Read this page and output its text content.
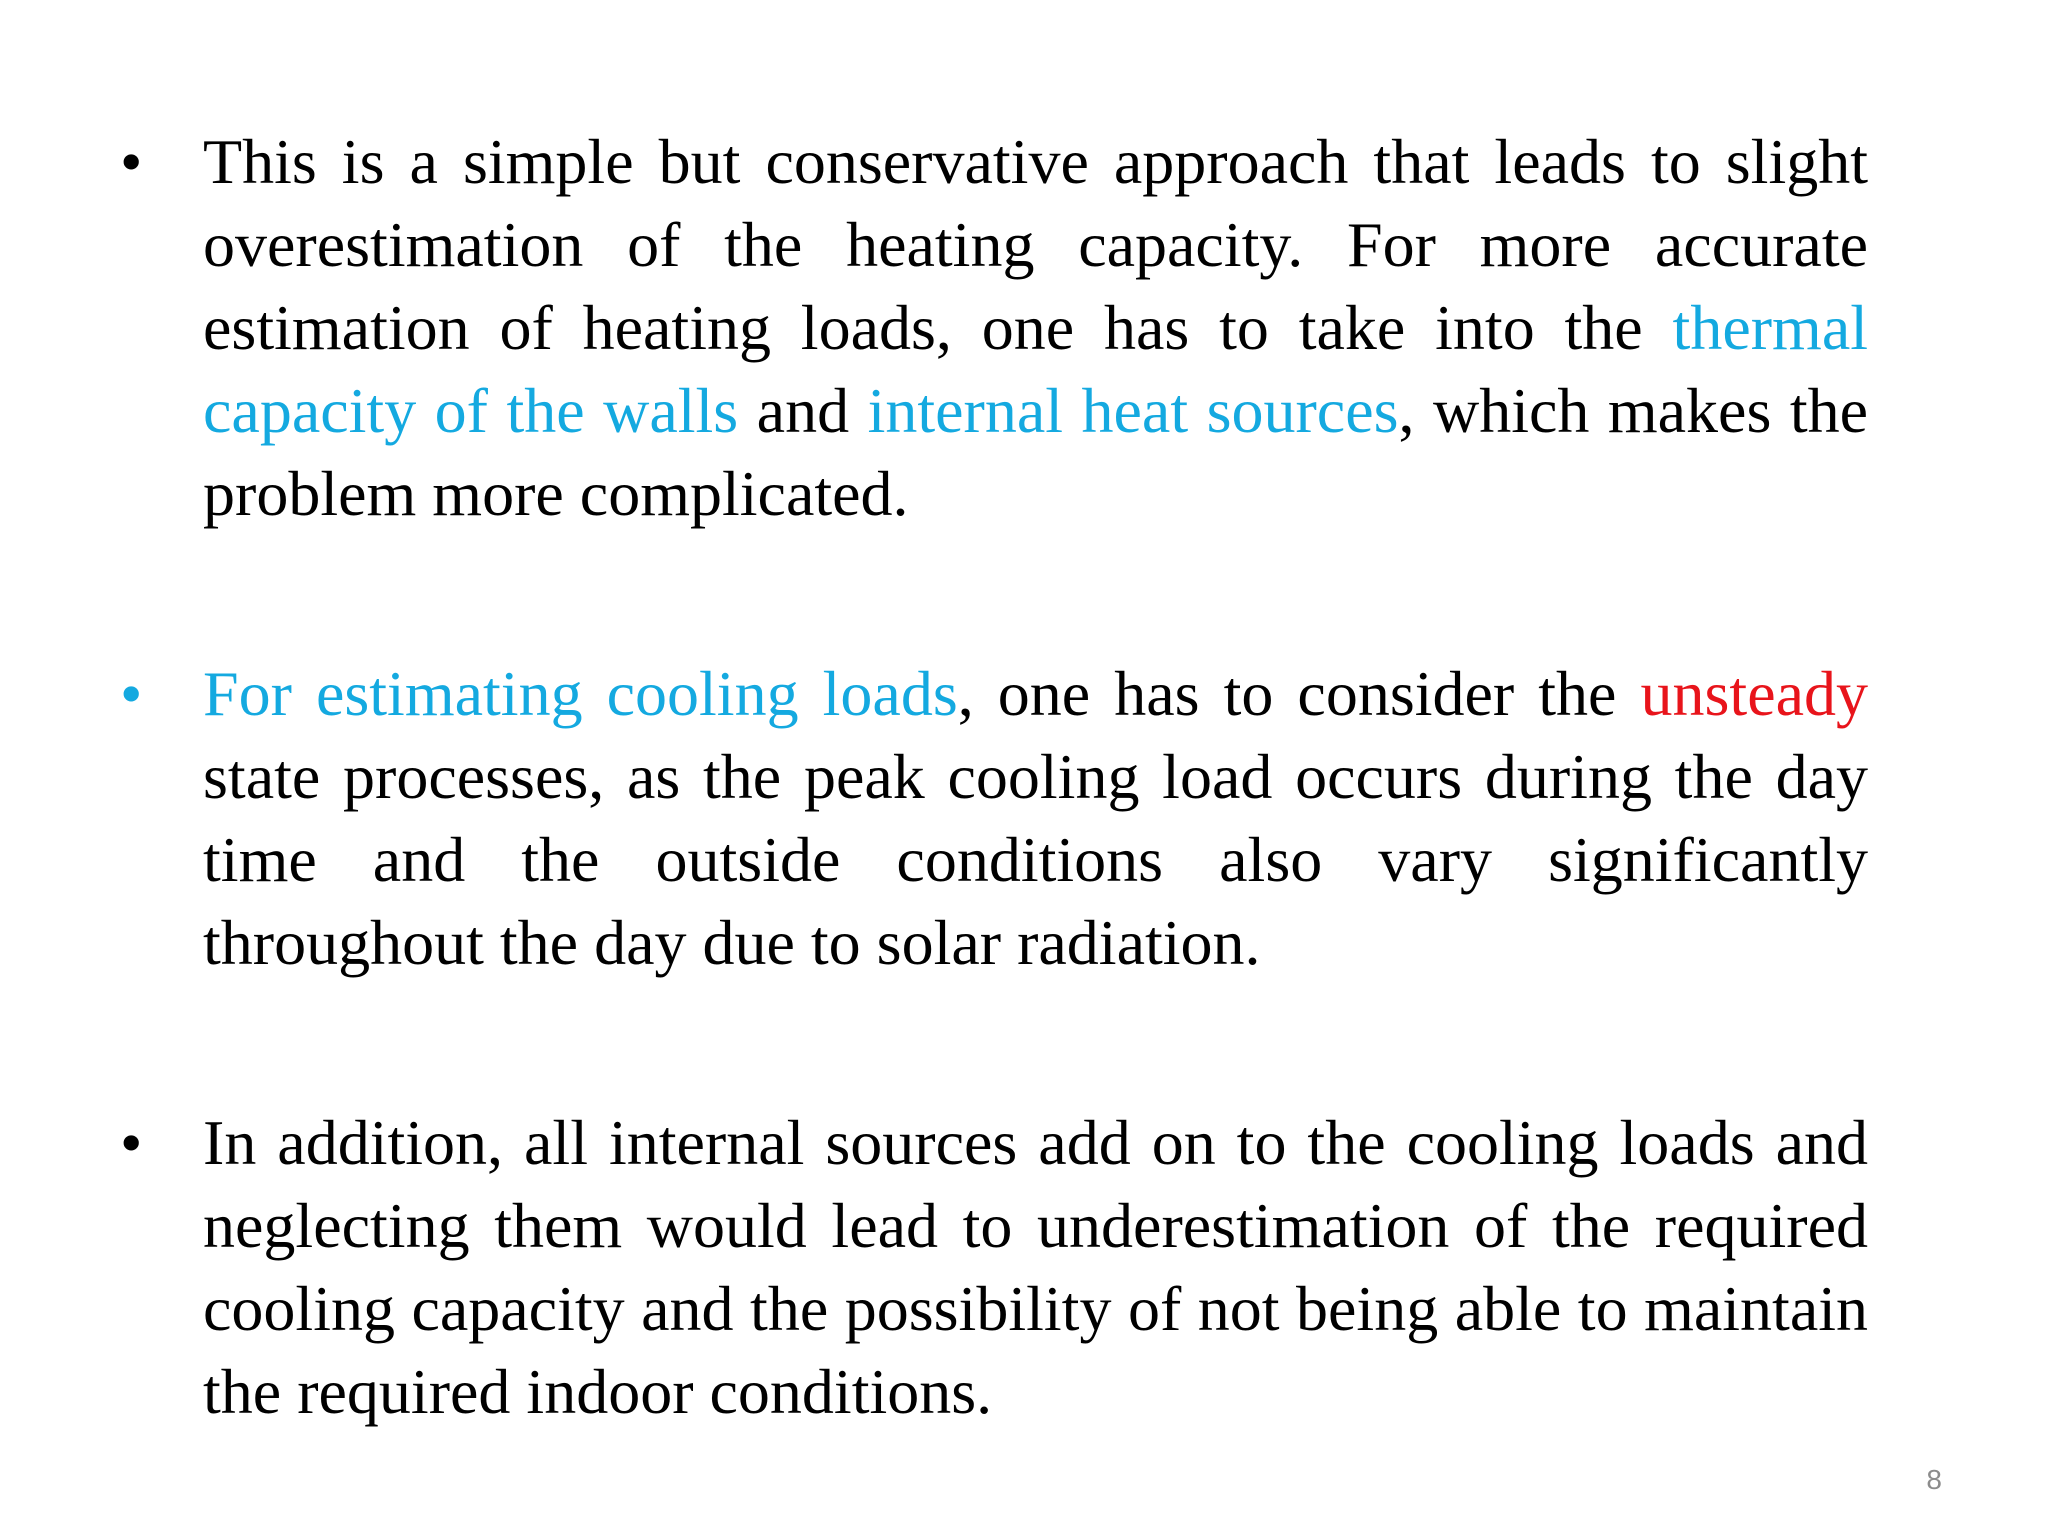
• This is a simple but conservative approach that leads to slight overestimation of the heating capacity. For more accurate estimation of heating loads, one has to take into the thermal capacity of the walls and internal heat sources, which makes the problem more complicated.

• For estimating cooling loads, one has to consider the unsteady state processes, as the peak cooling load occurs during the day time and the outside conditions also vary significantly throughout the day due to solar radiation.

• In addition, all internal sources add on to the cooling loads and neglecting them would lead to underestimation of the required cooling capacity and the possibility of not being able to maintain the required indoor conditions.

8
